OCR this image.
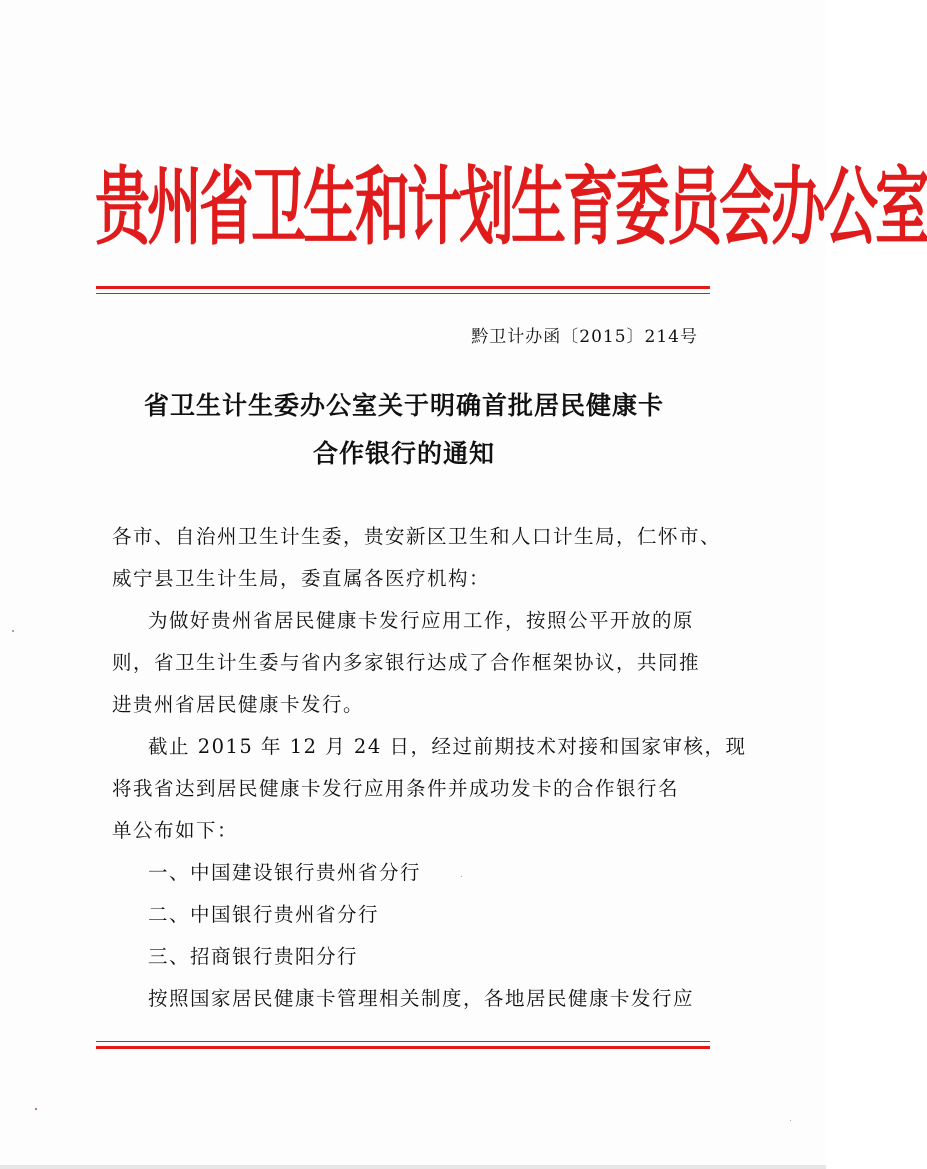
贵州省卫生和计划生育委员会办公室
黔卫计办函〔2015〕214号
省卫生计生委办公室关于明确首批居民健康卡
合作银行的通知
各市、自治州卫生计生委，贵安新区卫生和人口计生局，仁怀市、
威宁县卫生计生局，委直属各医疗机构：
为做好贵州省居民健康卡发行应用工作，按照公平开放的原
则，省卫生计生委与省内多家银行达成了合作框架协议，共同推
进贵州省居民健康卡发行。
截止 2015 年 12 月 24 日，经过前期技术对接和国家审核，现
将我省达到居民健康卡发行应用条件并成功发卡的合作银行名
单公布如下：
一、中国建设银行贵州省分行
二、中国银行贵州省分行
三、招商银行贵阳分行
按照国家居民健康卡管理相关制度，各地居民健康卡发行应
